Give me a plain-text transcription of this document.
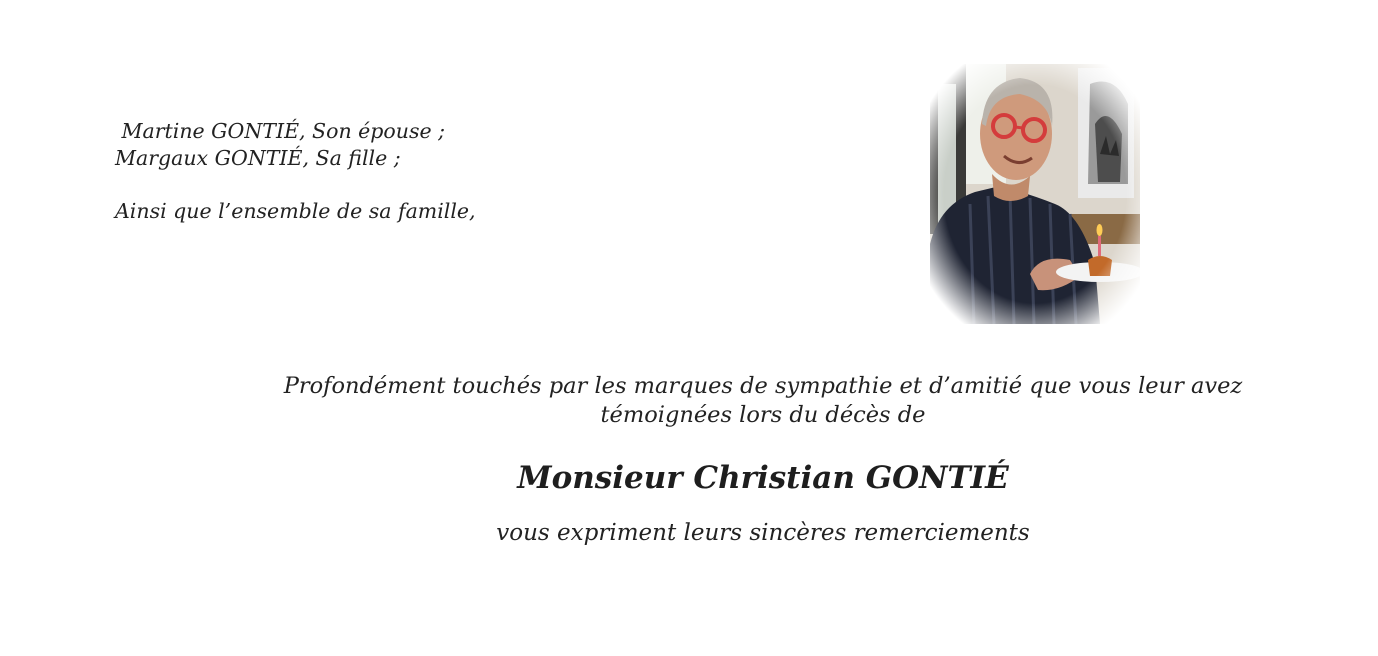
Martine GONTIÉ, Son épouse ;
Margaux GONTIÉ, Sa fille ;
Ainsi que l’ensemble de sa famille,
Profondément touchés par les marques de sympathie et d’amitié que vous leur avez
témoignées lors du décès de
Monsieur Christian GONTIÉ
vous expriment leurs sincères remerciements
